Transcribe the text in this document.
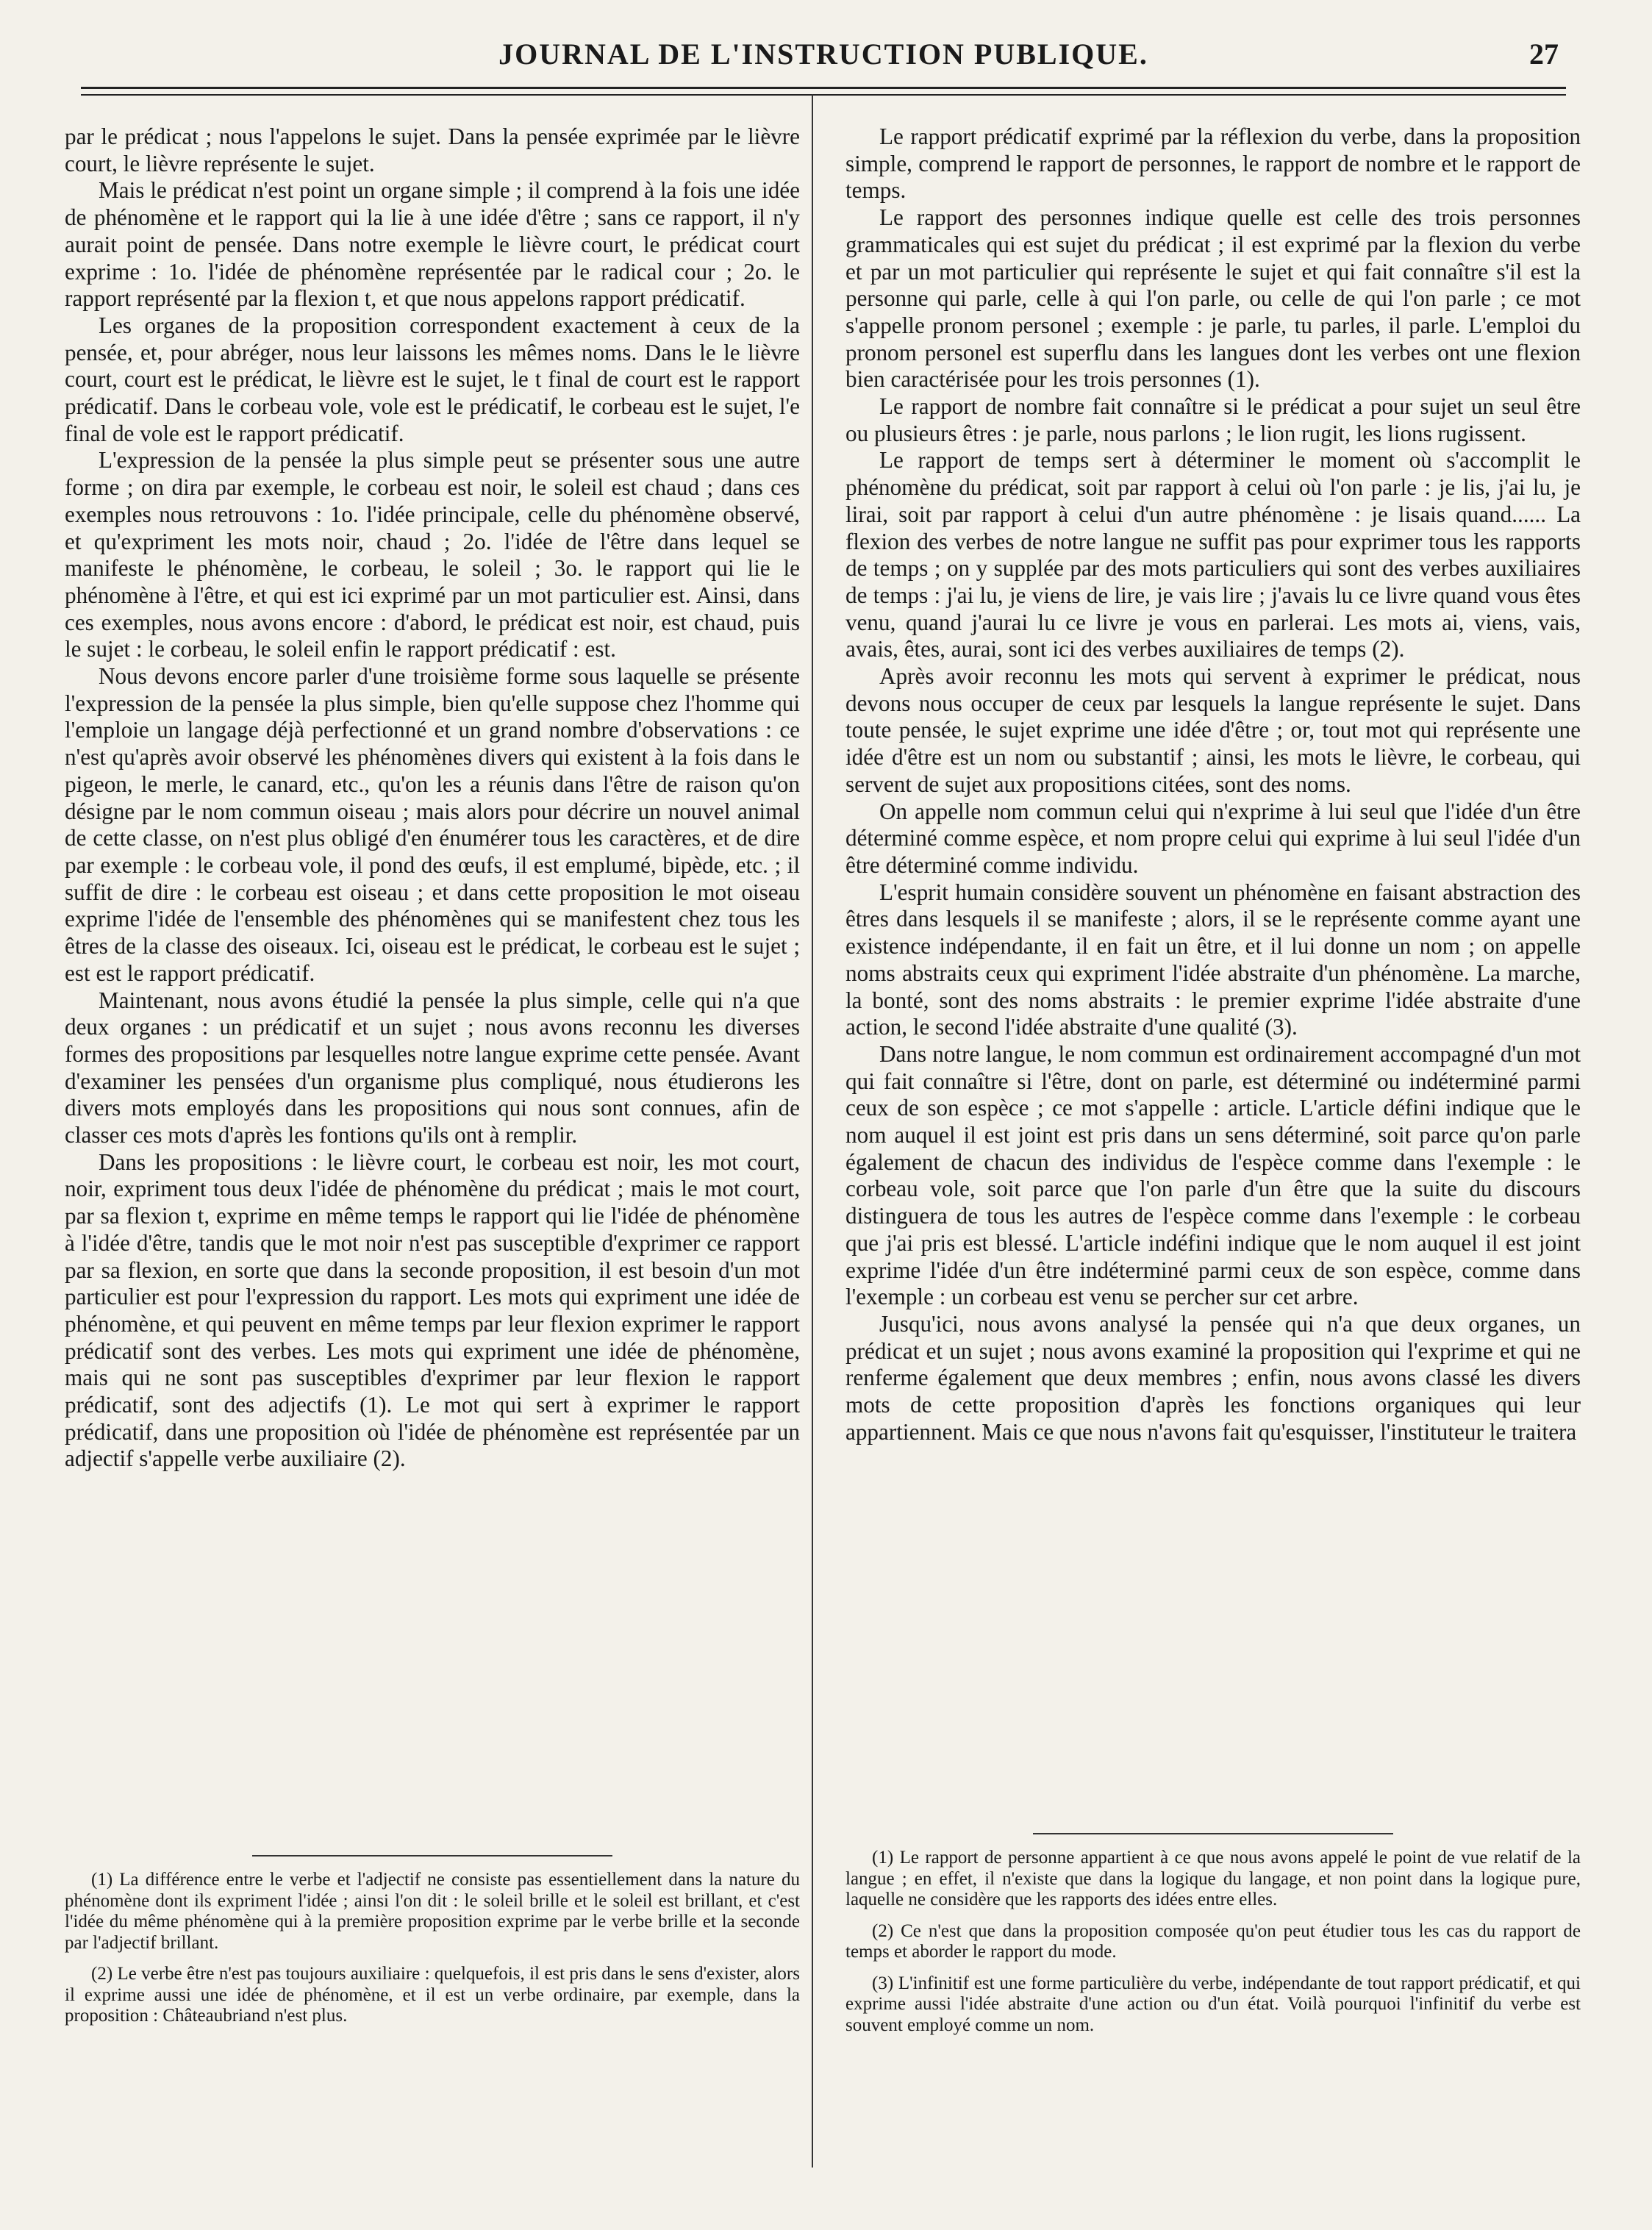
JOURNAL DE L'INSTRUCTION PUBLIQUE.	27

par le prédicat ; nous l'appelons le sujet. Dans la pensée exprimée par le lièvre court, le lièvre représente le sujet.

Mais le prédicat n'est point un organe simple ; il comprend à la fois une idée de phénomène et le rapport qui la lie à une idée d'être ; sans ce rapport, il n'y aurait point de pensée. Dans notre exemple le lièvre court, le prédicat court exprime : 1o. l'idée de phénomène représentée par le radical cour ; 2o. le rapport représenté par la flexion t, et que nous appelons rapport prédicatif.

Les organes de la proposition correspondent exactement à ceux de la pensée, et, pour abréger, nous leur laissons les mêmes noms. Dans le le lièvre court, court est le prédicat, le lièvre est le sujet, le t final de court est le rapport prédicatif. Dans le corbeau vole, vole est le prédicatif, le corbeau est le sujet, l'e final de vole est le rapport prédicatif.

L'expression de la pensée la plus simple peut se présenter sous une autre forme ; on dira par exemple, le corbeau est noir, le soleil est chaud ; dans ces exemples nous retrouvons : 1o. l'idée principale, celle du phénomène observé, et qu'expriment les mots noir, chaud ; 2o. l'idée de l'être dans lequel se manifeste le phénomène, le corbeau, le soleil ; 3o. le rapport qui lie le phénomène à l'être, et qui est ici exprimé par un mot particulier est. Ainsi, dans ces exemples, nous avons encore : d'abord, le prédicat est noir, est chaud, puis le sujet : le corbeau, le soleil enfin le rapport prédicatif : est.

Nous devons encore parler d'une troisième forme sous laquelle se présente l'expression de la pensée la plus simple, bien qu'elle suppose chez l'homme qui l'emploie un langage déjà perfectionné et un grand nombre d'observations : ce n'est qu'après avoir observé les phénomènes divers qui existent à la fois dans le pigeon, le merle, le canard, etc., qu'on les a réunis dans l'être de raison qu'on désigne par le nom commun oiseau ; mais alors pour décrire un nouvel animal de cette classe, on n'est plus obligé d'en énumérer tous les caractères, et de dire par exemple : le corbeau vole, il pond des œufs, il est emplumé, bipède, etc. ; il suffit de dire : le corbeau est oiseau ; et dans cette proposition le mot oiseau exprime l'idée de l'ensemble des phénomènes qui se manifestent chez tous les êtres de la classe des oiseaux. Ici, oiseau est le prédicat, le corbeau est le sujet ; est est le rapport prédicatif.

Maintenant, nous avons étudié la pensée la plus simple, celle qui n'a que deux organes : un prédicatif et un sujet ; nous avons reconnu les diverses formes des propositions par lesquelles notre langue exprime cette pensée. Avant d'examiner les pensées d'un organisme plus compliqué, nous étudierons les divers mots employés dans les propositions qui nous sont connues, afin de classer ces mots d'après les fontions qu'ils ont à remplir.

Dans les propositions : le lièvre court, le corbeau est noir, les mot court, noir, expriment tous deux l'idée de phénomène du prédicat ; mais le mot court, par sa flexion t, exprime en même temps le rapport qui lie l'idée de phénomène à l'idée d'être, tandis que le mot noir n'est pas susceptible d'exprimer ce rapport par sa flexion, en sorte que dans la seconde proposition, il est besoin d'un mot particulier est pour l'expression du rapport. Les mots qui expriment une idée de phénomène, et qui peuvent en même temps par leur flexion exprimer le rapport prédicatif sont des verbes. Les mots qui expriment une idée de phénomène, mais qui ne sont pas susceptibles d'exprimer par leur flexion le rapport prédicatif, sont des adjectifs (1). Le mot qui sert à exprimer le rapport prédicatif, dans une proposition où l'idée de phénomène est représentée par un adjectif s'appelle verbe auxiliaire (2).

Le rapport prédicatif exprimé par la réflexion du verbe, dans la proposition simple, comprend le rapport de personnes, le rapport de nombre et le rapport de temps.

Le rapport des personnes indique quelle est celle des trois personnes grammaticales qui est sujet du prédicat ; il est exprimé par la flexion du verbe et par un mot particulier qui représente le sujet et qui fait connaître s'il est la personne qui parle, celle à qui l'on parle, ou celle de qui l'on parle ; ce mot s'appelle pronom personel ; exemple : je parle, tu parles, il parle. L'emploi du pronom personel est superflu dans les langues dont les verbes ont une flexion bien caractérisée pour les trois personnes (1).

Le rapport de nombre fait connaître si le prédicat a pour sujet un seul être ou plusieurs êtres : je parle, nous parlons ; le lion rugit, les lions rugissent.

Le rapport de temps sert à déterminer le moment où s'accomplit le phénomène du prédicat, soit par rapport à celui où l'on parle : je lis, j'ai lu, je lirai, soit par rapport à celui d'un autre phénomène : je lisais quand...... La flexion des verbes de notre langue ne suffit pas pour exprimer tous les rapports de temps ; on y supplée par des mots particuliers qui sont des verbes auxiliaires de temps : j'ai lu, je viens de lire, je vais lire ; j'avais lu ce livre quand vous êtes venu, quand j'aurai lu ce livre je vous en parlerai. Les mots ai, viens, vais, avais, êtes, aurai, sont ici des verbes auxiliaires de temps (2).

Après avoir reconnu les mots qui servent à exprimer le prédicat, nous devons nous occuper de ceux par lesquels la langue représente le sujet. Dans toute pensée, le sujet exprime une idée d'être ; or, tout mot qui représente une idée d'être est un nom ou substantif ; ainsi, les mots le lièvre, le corbeau, qui servent de sujet aux propositions citées, sont des noms.

On appelle nom commun celui qui n'exprime à lui seul que l'idée d'un être déterminé comme espèce, et nom propre celui qui exprime à lui seul l'idée d'un être déterminé comme individu.

L'esprit humain considère souvent un phénomène en faisant abstraction des êtres dans lesquels il se manifeste ; alors, il se le représente comme ayant une existence indépendante, il en fait un être, et il lui donne un nom ; on appelle noms abstraits ceux qui expriment l'idée abstraite d'un phénomène. La marche, la bonté, sont des noms abstraits : le premier exprime l'idée abstraite d'une action, le second l'idée abstraite d'une qualité (3).

Dans notre langue, le nom commun est ordinairement accompagné d'un mot qui fait connaître si l'être, dont on parle, est déterminé ou indéterminé parmi ceux de son espèce ; ce mot s'appelle : article. L'article défini indique que le nom auquel il est joint est pris dans un sens déterminé, soit parce qu'on parle également de chacun des individus de l'espèce comme dans l'exemple : le corbeau vole, soit parce que l'on parle d'un être que la suite du discours distinguera de tous les autres de l'espèce comme dans l'exemple : le corbeau que j'ai pris est blessé. L'article indéfini indique que le nom auquel il est joint exprime l'idée d'un être indéterminé parmi ceux de son espèce, comme dans l'exemple : un corbeau est venu se percher sur cet arbre.

Jusqu'ici, nous avons analysé la pensée qui n'a que deux organes, un prédicat et un sujet ; nous avons examiné la proposition qui l'exprime et qui ne renferme également que deux membres ; enfin, nous avons classé les divers mots de cette proposition d'après les fonctions organiques qui leur appartiennent. Mais ce que nous n'avons fait qu'esquisser, l'instituteur le traitera

(1) La différence entre le verbe et l'adjectif ne consiste pas essentiellement dans la nature du phénomène dont ils expriment l'idée ; ainsi l'on dit : le soleil brille et le soleil est brillant, et c'est l'idée du même phénomène qui à la première proposition exprime par le verbe brille et la seconde par l'adjectif brillant.

(2) Le verbe être n'est pas toujours auxiliaire : quelquefois, il est pris dans le sens d'exister, alors il exprime aussi une idée de phénomène, et il est un verbe ordinaire, par exemple, dans la proposition : Châteaubriand n'est plus.

(1) Le rapport de personne appartient à ce que nous avons appelé le point de vue relatif de la langue ; en effet, il n'existe que dans la logique du langage, et non point dans la logique pure, laquelle ne considère que les rapports des idées entre elles.

(2) Ce n'est que dans la proposition composée qu'on peut étudier tous les cas du rapport de temps et aborder le rapport du mode.

(3) L'infinitif est une forme particulière du verbe, indépendante de tout rapport prédicatif, et qui exprime aussi l'idée abstraite d'une action ou d'un état. Voilà pourquoi l'infinitif du verbe est souvent employé comme un nom.
